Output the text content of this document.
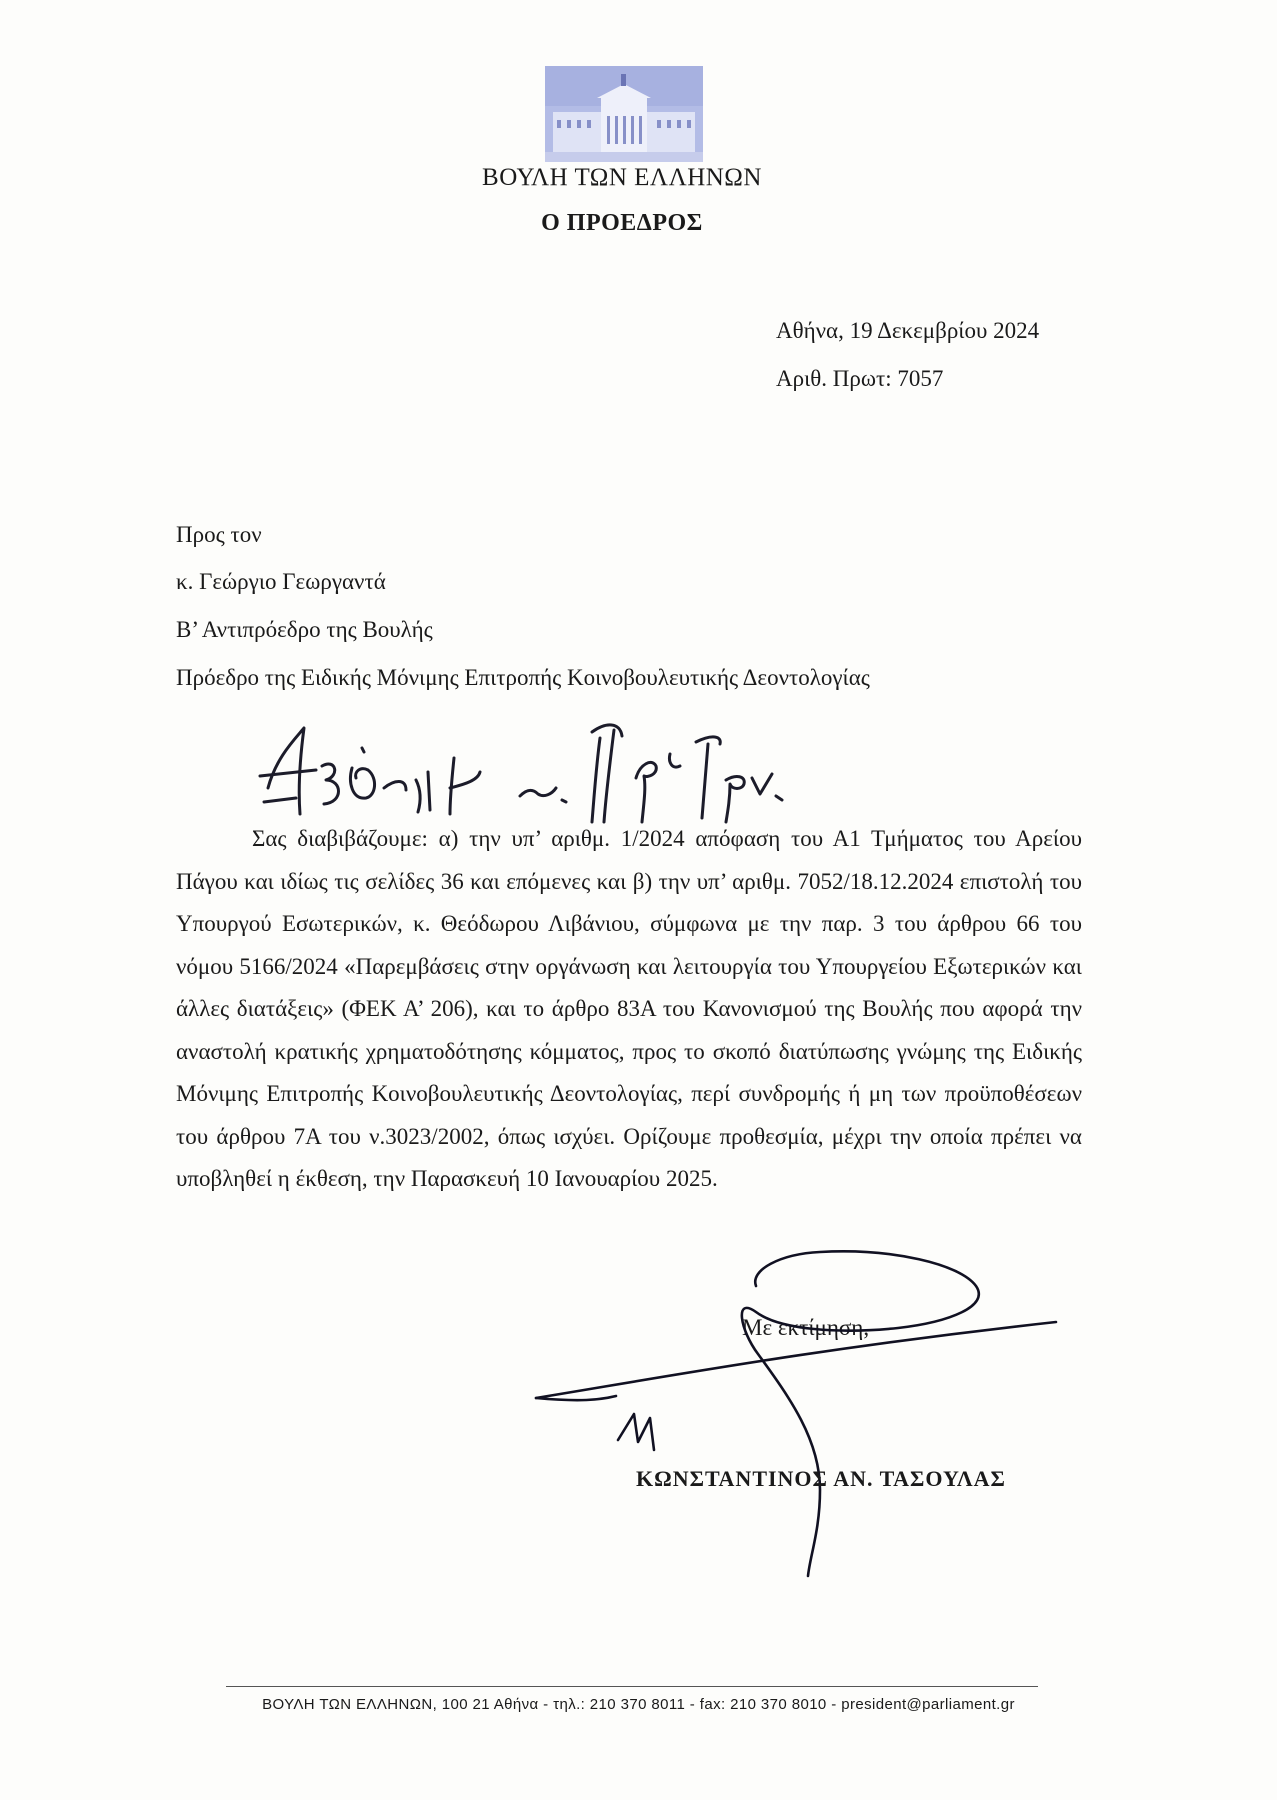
ΒΟΥΛΗ ΤΩΝ ΕΛΛΗΝΩΝ
Ο ΠΡΟΕΔΡΟΣ
Αθήνα, 19 Δεκεμβρίου 2024
Αριθ. Πρωτ: 7057
Προς τον
κ. Γεώργιο Γεωργαντά
Β’ Αντιπρόεδρο της Βουλής
Πρόεδρο της Ειδικής Μόνιμης Επιτροπής Κοινοβουλευτικής Δεοντολογίας
Σας διαβιβάζουμε: α) την υπ’ αριθμ. 1/2024 απόφαση του Α1 Τμήματος του Αρείου Πάγου και ιδίως τις σελίδες 36 και επόμενες και β) την υπ’ αριθμ. 7052/18.12.2024 επιστολή του Υπουργού Εσωτερικών, κ. Θεόδωρου Λιβάνιου, σύμφωνα με την παρ. 3 του άρθρου 66 του νόμου 5166/2024 «Παρεμβάσεις στην οργάνωση και λειτουργία του Υπουργείου Εξωτερικών και άλλες διατάξεις» (ΦΕΚ Α’ 206), και το άρθρο 83Α του Κανονισμού της Βουλής που αφορά την αναστολή κρατικής χρηματοδότησης κόμματος, προς το σκοπό διατύπωσης γνώμης της Ειδικής Μόνιμης Επιτροπής Κοινοβουλευτικής Δεοντολογίας, περί συνδρομής ή μη των προϋποθέσεων του άρθρου 7Α του ν.3023/2002, όπως ισχύει. Ορίζουμε προθεσμία, μέχρι την οποία πρέπει να υποβληθεί η έκθεση, την Παρασκευή 10 Ιανουαρίου 2025.
Με εκτίμηση,
ΚΩΝΣΤΑΝΤΙΝΟΣ ΑΝ. ΤΑΣΟΥΛΑΣ
ΒΟΥΛΗ ΤΩΝ ΕΛΛΗΝΩΝ, 100 21 Αθήνα - τηλ.: 210 370 8011 - fax: 210 370 8010 - president@parliament.gr
